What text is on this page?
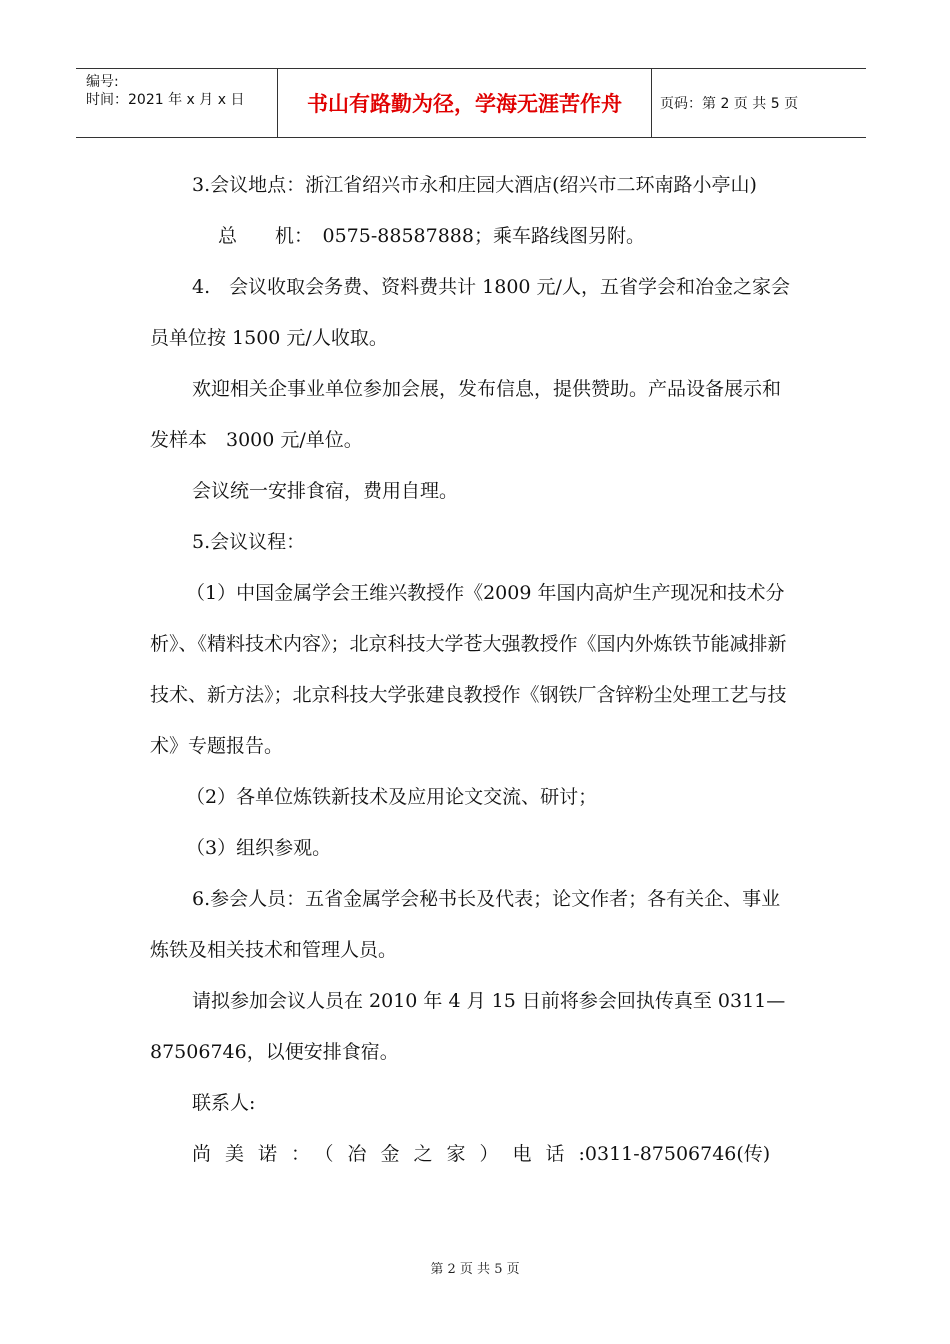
编号:
时间：2021 年 x 月 x 日	书山有路勤为径，学海无涯苦作舟	页码：第 2 页 共 5 页

3.会议地点：浙江省绍兴市永和庄园大酒店(绍兴市二环南路小亭山)

总　　机：　0575-88587888；乘车路线图另附。

4.　会议收取会务费、资料费共计 1800 元/人，五省学会和冶金之家会员单位按 1500 元/人收取。

欢迎相关企事业单位参加会展，发布信息，提供赞助。产品设备展示和发样本　3000 元/单位。

会议统一安排食宿，费用自理。

5.会议议程：

（1）中国金属学会王维兴教授作《2009 年国内高炉生产现况和技术分析》、《精料技术内容》；北京科技大学苍大强教授作《国内外炼铁节能减排新技术、新方法》；北京科技大学张建良教授作《钢铁厂含锌粉尘处理工艺与技术》专题报告。

（2）各单位炼铁新技术及应用论文交流、研讨；

（3）组织参观。

6.参会人员：五省金属学会秘书长及代表；论文作者；各有关企、事业炼铁及相关技术和管理人员。

请拟参加会议人员在 2010 年 4 月 15 日前将参会回执传真至 0311—87506746，以便安排食宿。

联系人:

尚美诺：（冶金之家）电话:0311-87506746(传)

第 2 页 共 5 页
